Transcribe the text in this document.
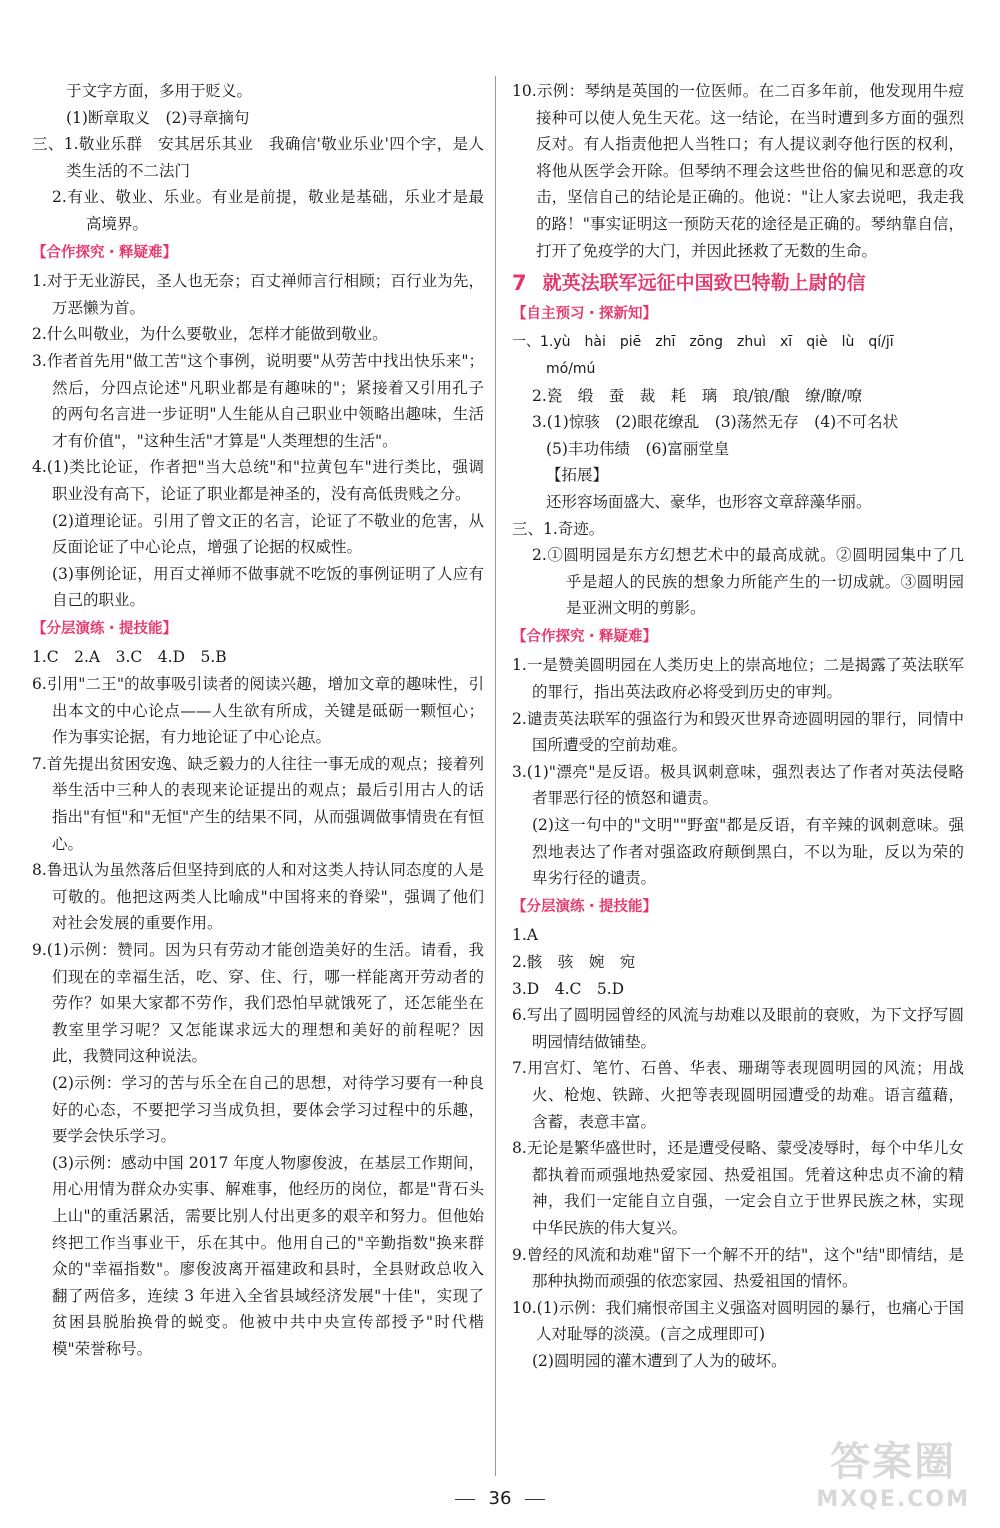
于文字方面，多用于贬义。

(1)断章取义　(2)寻章摘句

三、1.敬业乐群　安其居乐其业　我确信'敬业乐业'四个字，是人类生活的不二法门

2.有业、敬业、乐业。有业是前提，敬业是基础，乐业才是最高境界。

【合作探究・释疑难】

1.对于无业游民，圣人也无奈；百丈禅师言行相顾；百行业为先，万恶懒为首。

2.什么叫敬业，为什么要敬业，怎样才能做到敬业。

3.作者首先用"做工苦"这个事例，说明要"从劳苦中找出快乐来"；然后，分四点论述"凡职业都是有趣味的"；紧接着又引用孔子的两句名言进一步证明"人生能从自己职业中领略出趣味，生活才有价值"，"这种生活"才算是"人类理想的生活"。

4.(1)类比论证，作者把"当大总统"和"拉黄包车"进行类比，强调职业没有高下，论证了职业都是神圣的，没有高低贵贱之分。

(2)道理论证。引用了曾文正的名言，论证了不敬业的危害，从反面论证了中心论点，增强了论据的权威性。

(3)事例论证，用百丈禅师不做事就不吃饭的事例证明了人应有自己的职业。

【分层演练・提技能】

1.C　2.A　3.C　4.D　5.B

6.引用"二王"的故事吸引读者的阅读兴趣，增加文章的趣味性，引出本文的中心论点——人生欲有所成，关键是砥砺一颗恒心；作为事实论据，有力地论证了中心论点。

7.首先提出贫困安逸、缺乏毅力的人往往一事无成的观点；接着列举生活中三种人的表现来论证提出的观点；最后引用古人的话指出"有恒"和"无恒"产生的结果不同，从而强调做事情贵在有恒心。

8.鲁迅认为虽然落后但坚持到底的人和对这类人持认同态度的人是可敬的。他把这两类人比喻成"中国将来的脊梁"，强调了他们对社会发展的重要作用。

9.(1)示例：赞同。因为只有劳动才能创造美好的生活。请看，我们现在的幸福生活，吃、穿、住、行，哪一样能离开劳动者的劳作？如果大家都不劳作，我们恐怕早就饿死了，还怎能坐在教室里学习呢？又怎能谋求远大的理想和美好的前程呢？因此，我赞同这种说法。

(2)示例：学习的苦与乐全在自己的思想，对待学习要有一种良好的心态，不要把学习当成负担，要体会学习过程中的乐趣，要学会快乐学习。

(3)示例：感动中国 2017 年度人物廖俊波，在基层工作期间，用心用情为群众办实事、解难事，他经历的岗位，都是"背石头上山"的重活累活，需要比别人付出更多的艰辛和努力。但他始终把工作当事业干，乐在其中。他用自己的"辛勤指数"换来群众的"幸福指数"。廖俊波离开福建政和县时，全县财政总收入翻了两倍多，连续 3 年进入全省县域经济发展"十佳"，实现了贫困县脱胎换骨的蜕变。他被中共中央宣传部授予"时代楷模"荣誉称号。

10.示例：琴纳是英国的一位医师。在二百多年前，他发现用牛痘接种可以使人免生天花。这一结论，在当时遭到多方面的强烈反对。有人指责他把人当牲口；有人提议剥夺他行医的权利，将他从医学会开除。但琴纳不理会这些世俗的偏见和恶意的攻击，坚信自己的结论是正确的。他说："让人家去说吧，我走我的路！"事实证明这一预防天花的途径是正确的。琴纳靠自信，打开了免疫学的大门，并因此拯救了无数的生命。

7 就英法联军远征中国致巴特勒上尉的信
【自主预习・探新知】

一、1.yù　hài　piē　zhī　zōng　zhuì　xī　qiè　lù　qí/jī

mó/mú

2.瓷　缎　蚕　裁　耗　璃　琅/锒/酿　缭/瞭/嘹

3.(1)惊骇　(2)眼花缭乱　(3)荡然无存　(4)不可名状

(5)丰功伟绩　(6)富丽堂皇

【拓展】

还形容场面盛大、豪华，也形容文章辞藻华丽。

三、1.奇迹。

2.①圆明园是东方幻想艺术中的最高成就。②圆明园集中了几乎是超人的民族的想象力所能产生的一切成就。③圆明园是亚洲文明的剪影。

【合作探究・释疑难】

1.一是赞美圆明园在人类历史上的崇高地位；二是揭露了英法联军的罪行，指出英法政府必将受到历史的审判。

2.谴责英法联军的强盗行为和毁灭世界奇迹圆明园的罪行，同情中国所遭受的空前劫难。

3.(1)"漂亮"是反语。极具讽刺意味，强烈表达了作者对英法侵略者罪恶行径的愤怒和谴责。

(2)这一句中的"文明""野蛮"都是反语，有辛辣的讽刺意味。强烈地表达了作者对强盗政府颠倒黑白，不以为耻，反以为荣的卑劣行径的谴责。

【分层演练・提技能】

1.A

2.骸　骇　婉　宛

3.D　4.C　5.D

6.写出了圆明园曾经的风流与劫难以及眼前的衰败，为下文抒写圆明园情结做铺垫。

7.用宫灯、笔竹、石兽、华表、珊瑚等表现圆明园的风流；用战火、枪炮、铁蹄、火把等表现圆明园遭受的劫难。语言蕴藉，含蓄，表意丰富。

8.无论是繁华盛世时，还是遭受侵略、蒙受凌辱时，每个中华儿女都执着而顽强地热爱家园、热爱祖国。凭着这种忠贞不渝的精神，我们一定能自立自强，一定会自立于世界民族之林，实现中华民族的伟大复兴。

9.曾经的风流和劫难"留下一个解不开的结"，这个"结"即情结，是那种执拗而顽强的依恋家园、热爱祖国的情怀。

10.(1)示例：我们痛恨帝国主义强盗对圆明园的暴行，也痛心于国人对耻辱的淡漠。(言之成理即可)

(2)圆明园的灌木遭到了人为的破坏。

36
答案圈
MXQE.COM
